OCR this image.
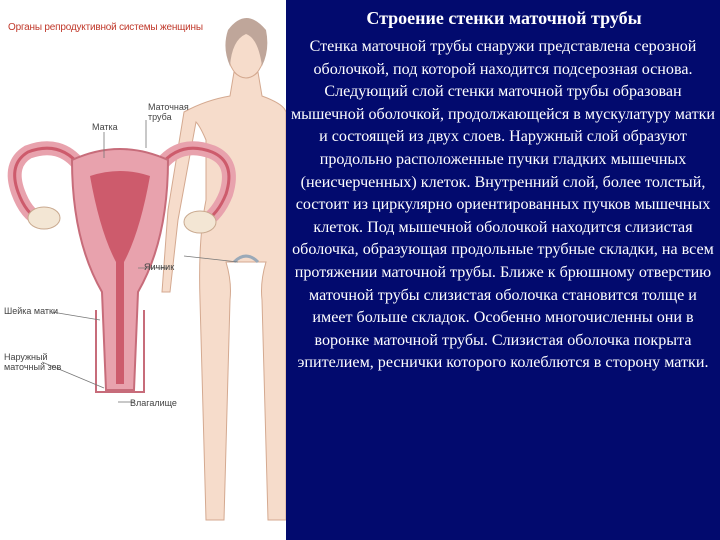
Органы репродуктивной системы женщины
Маточная труба
Матка
Яичник
Шейка матки
Наружный маточный зев
Влагалище
Строение стенки маточной трубы

Стенка маточной трубы снаружи представлена серозной оболочкой, под которой находится подсерозная основа. Следующий слой стенки маточной трубы образован мышечной оболочкой, продолжающейся в мускулатуру матки и состоящей из двух слоев. Наружный слой образуют продольно расположенные пучки гладких мышечных (неисчерченных) клеток. Внутренний слой, более толстый, состоит из циркулярно ориентированных пучков мышечных клеток. Под мышечной оболочкой находится слизистая оболочка, образующая продольные трубные складки, на всем протяжении маточной трубы. Ближе к брюшному отверстию маточной трубы слизистая оболочка становится толще и имеет больше складок. Особенно многочисленны они в воронке маточной трубы. Слизистая оболочка покрыта эпителием, реснички которого колеблются в сторону матки.
